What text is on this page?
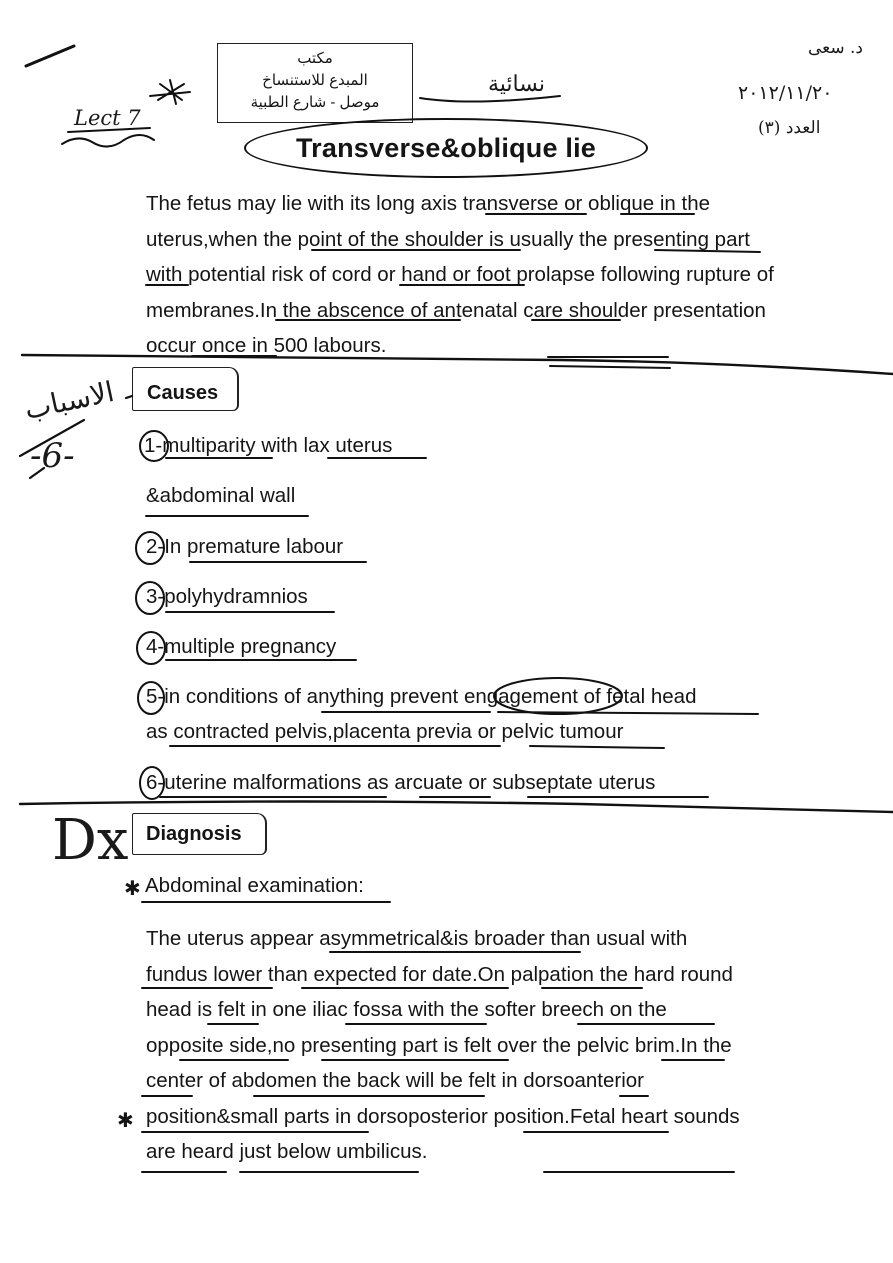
Lect 7
نسائية
د. سعى
٢٠١٢/١١/٢٠
العدد (٣)
مكتب
المبدع للاستنساخ
موصل - شارع الطبية
Transverse&oblique lie
The fetus may lie with its long axis transverse or oblique in the uterus,when the point of the shoulder is usually the presenting part with potential risk of cord or hand or foot prolapse following rupture of membranes.In the abscence of antenatal care shoulder presentation occur once in 500 labours.
الاسباب
-6-
Causes
1-multiparity with lax uterus
&abdominal wall
2-In premature labour
3-polyhydramnios
4-multiple pregnancy
5-in conditions of anything prevent engagement of fetal head
as contracted pelvis,placenta previa or pelvic tumour
6-uterine malformations as arcuate or subseptate uterus
Dx Diagnosis
✱ Abdominal examination:
✱
The uterus appear asymmetrical&is broader than usual with fundus lower than expected for date.On palpation the hard round head is felt in one iliac fossa with the softer breech on the opposite side,no presenting part is felt over the pelvic brim.In the center of abdomen the back will be felt in dorsoanterior position&small parts in dorsoposterior position.Fetal heart sounds are heard just below umbilicus.
